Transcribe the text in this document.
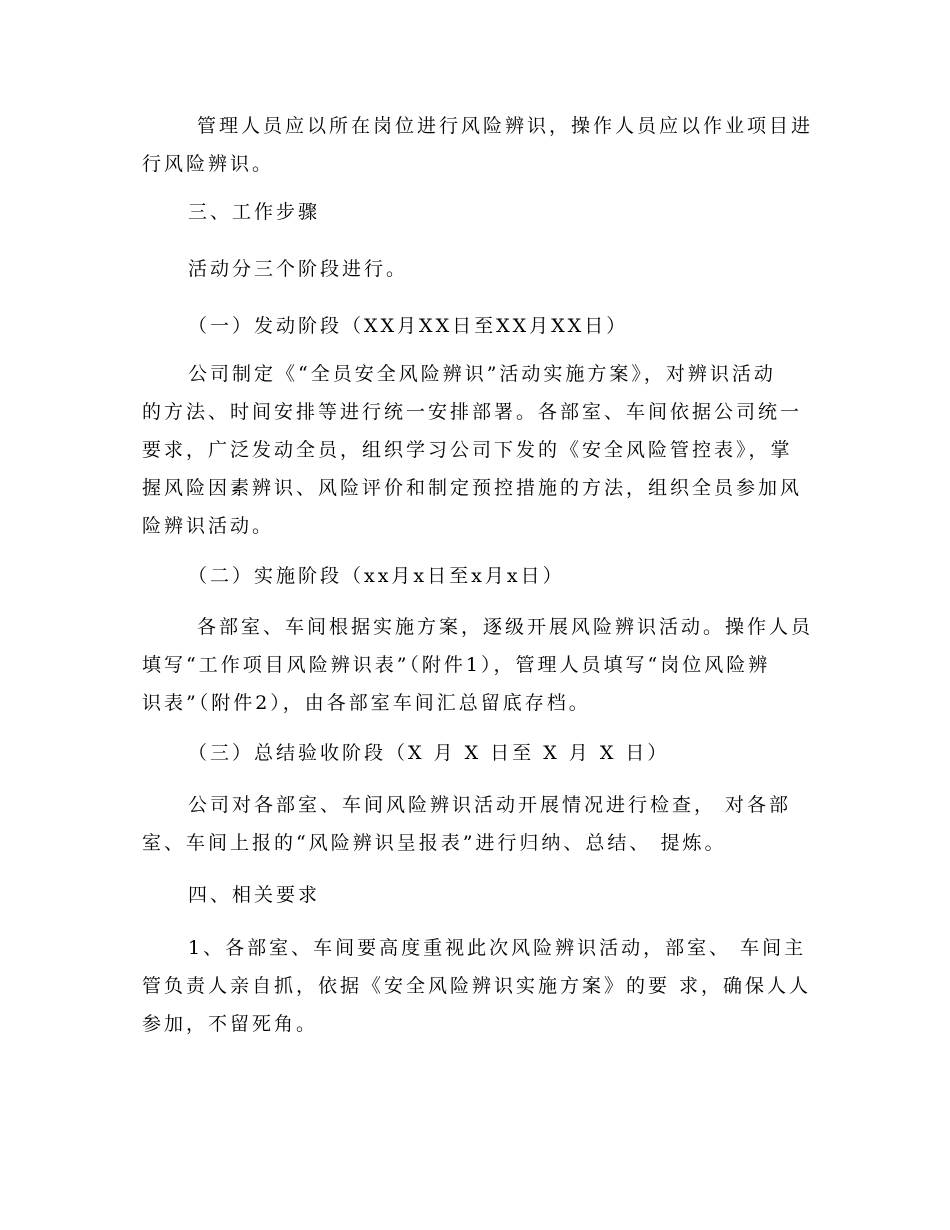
管理人员应以所在岗位进行风险辨识，操作人员应以作业项目进
行风险辨识。
三、工作步骤
活动分三个阶段进行。
（一）发动阶段（XX月XX日至XX月XX日）
公司制定《“全员安全风险辨识”活动实施方案》，对辨识活动
的方法、时间安排等进行统一安排部署。各部室、车间依据公司统一
要求，广泛发动全员，组织学习公司下发的《安全风险管控表》，掌
握风险因素辨识、风险评价和制定预控措施的方法，组织全员参加风
险辨识活动。
（二）实施阶段（xx月x日至x月x日）
各部室、车间根据实施方案，逐级开展风险辨识活动。操作人员
填写“工作项目风险辨识表”（附件1），管理人员填写“岗位风险辨
识表”（附件2），由各部室车间汇总留底存档。
（三）总结验收阶段（X 月 X 日至 X 月 X 日）
公司对各部室、车间风险辨识活动开展情况进行检查， 对各部
室、车间上报的“风险辨识呈报表”进行归纳、总结、 提炼。
四、相关要求
1、各部室、车间要高度重视此次风险辨识活动，部室、 车间主
管负责人亲自抓，依据《安全风险辨识实施方案》的要 求，确保人人
参加，不留死角。
